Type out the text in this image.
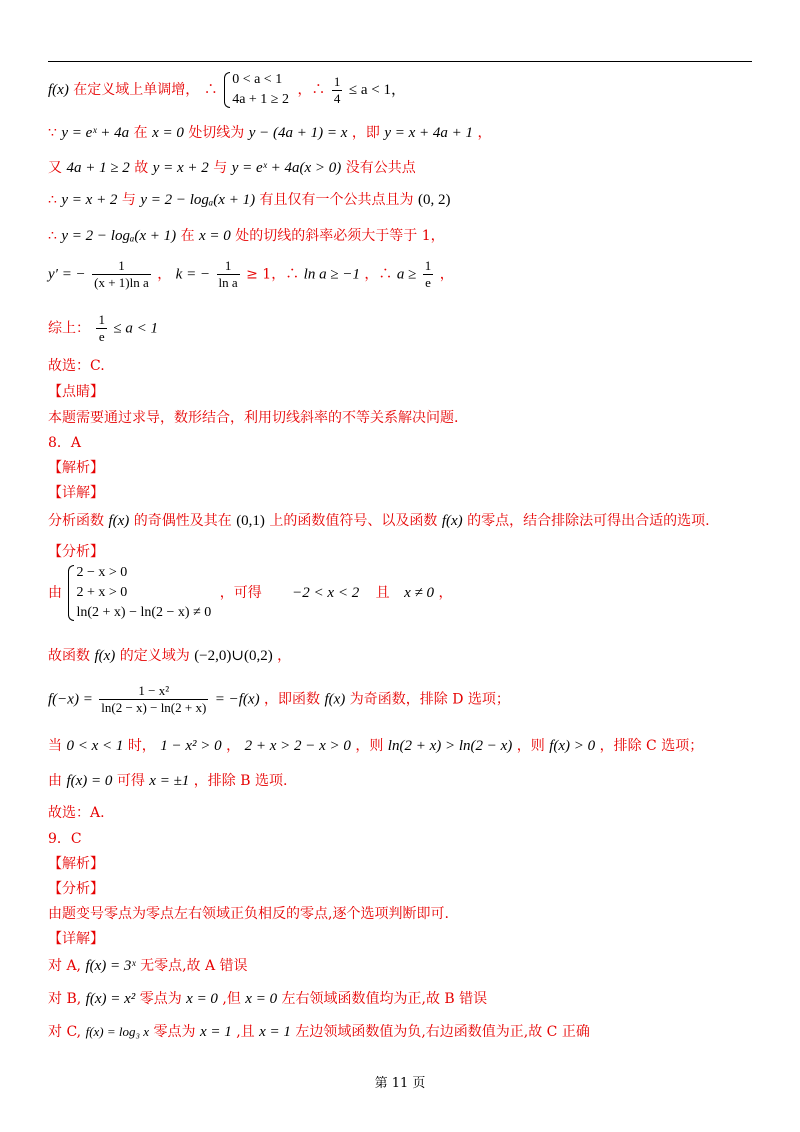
f(x) 在定义域上单调增， ∴
0 < a < 1
4a + 1 ≥ 2
，∴ $\frac{1}{4} \le a < 1$，
∵ y = eˣ + 4a 在 x = 0 处切线为 y − (4a + 1) = x ，即 y = x + 4a + 1 ，
又 4a + 1 ≥ 2 故 y = x + 2 与 y = eˣ + 4a(x > 0) 没有公共点
∴ y = x + 2 与 y = 2 − logₐ(x + 1) 有且仅有一个公共点且为 (0, 2)
∴ y = 2 − logₐ(x + 1) 在 x = 0 处的切线的斜率必须大于等于 1，
y′ = − $\frac{1}{\text{(x + 1)ln a}}$ ， k = − $\frac{1}{\text{ln a}} \ge 1$，∴ ln a ≥ −1 ，∴ $a \ge \frac{1}{e}$ ，
综上： $\frac{1}{e} \le a < 1$
故选：C.
【点睛】
本题需要通过求导，数形结合，利用切线斜率的不等关系解决问题.
8．A
【解析】
【详解】
分析函数 f(x) 的奇偶性及其在 (0,1) 上的函数值符号、以及函数 f(x) 的零点，结合排除法可得出合适的选项.
【分析】
由
2 − x > 0
2 + x > 0
ln(2 + x) − ln(2 − x) ≠ 0
，可得 −2 < x < 2 且 x ≠ 0 ，
故函数 f(x) 的定义域为 (−2,0)∪(0,2) ，
$f(-x) = \frac{\text{1 − x²}}{\ln(2 - x) - \ln(2 + x)} = -f(x)$ ，即函数 f(x) 为奇函数，排除 D 选项；
当 0 < x < 1 时， 1 − x² > 0 ， 2 + x > 2 − x > 0 ，则 ln(2 + x) > ln(2 − x) ，则 f(x) > 0 ，排除 C 选项；
由 f(x) = 0 可得 x = ±1 ，排除 B 选项.
故选：A.
9．C
【解析】
【分析】
由题变号零点为零点左右领域正负相反的零点,逐个选项判断即可.
【详解】
对 A, f(x) = 3ˣ 无零点,故 A 错误
对 B, f(x) = x² 零点为 x = 0 ,但 x = 0 左右领域函数值均为正,故 B 错误
对 C, f(x) = log₃ x 零点为 x = 1 ,且 x = 1 左边领域函数值为负,右边函数值为正,故 C 正确
第 11 页
